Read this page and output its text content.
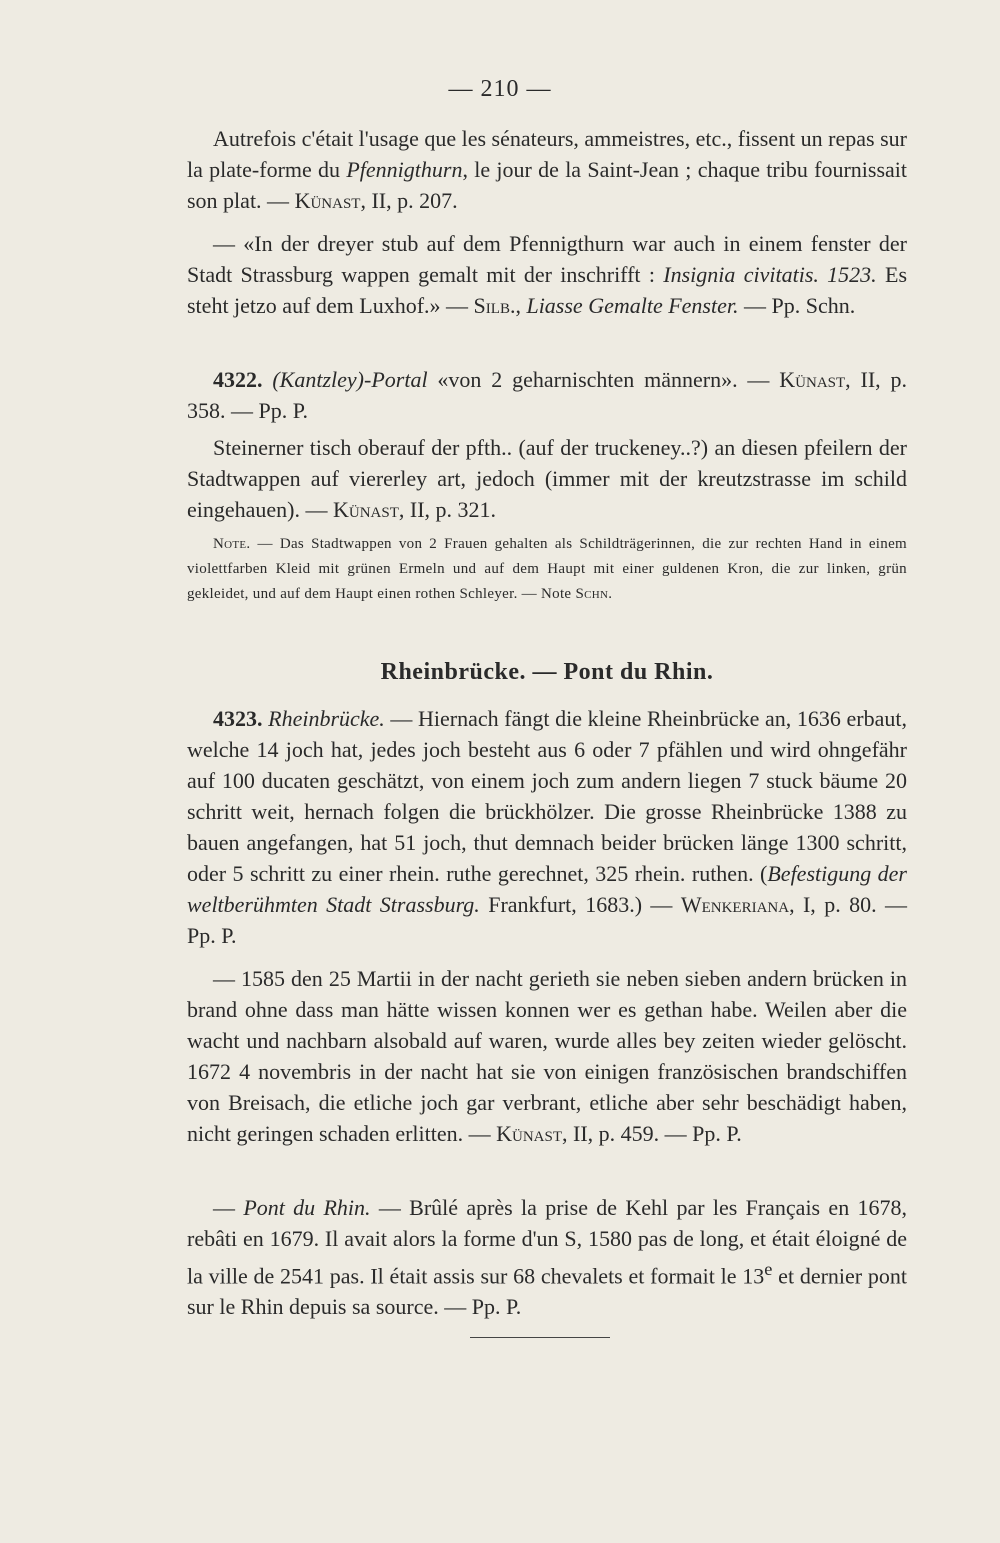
— 210 —

Autrefois c'était l'usage que les sénateurs, ammeistres, etc., fissent un repas sur la plate-forme du Pfennigthurn, le jour de la Saint-Jean ; chaque tribu fournissait son plat. — Künast, II, p. 207.

— «In der dreyer stub auf dem Pfennigthurn war auch in einem fenster der Stadt Strassburg wappen gemalt mit der inschrifft : Insignia civitatis. 1523. Es steht jetzo auf dem Luxhof.» — Silb., Liasse Gemalte Fenster. — Pp. Schn.

4322. (Kantzley)-Portal «von 2 geharnischten männern». — Künast, II, p. 358. — Pp. P.

Steinerner tisch oberauf der pfth.. (auf der truckeney..?) an diesen pfeilern der Stadtwappen auf viererley art, jedoch (immer mit der kreutzstrasse im schild eingehauen). — Künast, II, p. 321.

Note. — Das Stadtwappen von 2 Frauen gehalten als Schildträgerinnen, die zur rechten Hand in einem violettfarben Kleid mit grünen Ermeln und auf dem Haupt mit einer guldenen Kron, die zur linken, grün gekleidet, und auf dem Haupt einen rothen Schleyer. — Note Schn.

Rheinbrücke. — Pont du Rhin.

4323. Rheinbrücke. — Hiernach fängt die kleine Rheinbrücke an, 1636 erbaut, welche 14 joch hat, jedes joch besteht aus 6 oder 7 pfählen und wird ohngefähr auf 100 ducaten geschätzt, von einem joch zum andern liegen 7 stuck bäume 20 schritt weit, hernach folgen die brückhölzer. Die grosse Rheinbrücke 1388 zu bauen angefangen, hat 51 joch, thut demnach beider brücken länge 1300 schritt, oder 5 schritt zu einer rhein. ruthe gerechnet, 325 rhein. ruthen. (Befestigung der weltberühmten Stadt Strassburg. Frankfurt, 1683.) — Wenkeriana, I, p. 80. — Pp. P.

— 1585 den 25 Martii in der nacht gerieth sie neben sieben andern brücken in brand ohne dass man hätte wissen konnen wer es gethan habe. Weilen aber die wacht und nachbarn alsobald auf waren, wurde alles bey zeiten wieder gelöscht. 1672 4 novembris in der nacht hat sie von einigen französischen brandschiffen von Breisach, die etliche joch gar verbrant, etliche aber sehr beschädigt haben, nicht geringen schaden erlitten. — Künast, II, p. 459. — Pp. P.

— Pont du Rhin. — Brûlé après la prise de Kehl par les Français en 1678, rebâti en 1679. Il avait alors la forme d'un S, 1580 pas de long, et était éloigné de la ville de 2541 pas. Il était assis sur 68 chevalets et formait le 13e et dernier pont sur le Rhin depuis sa source. — Pp. P.
